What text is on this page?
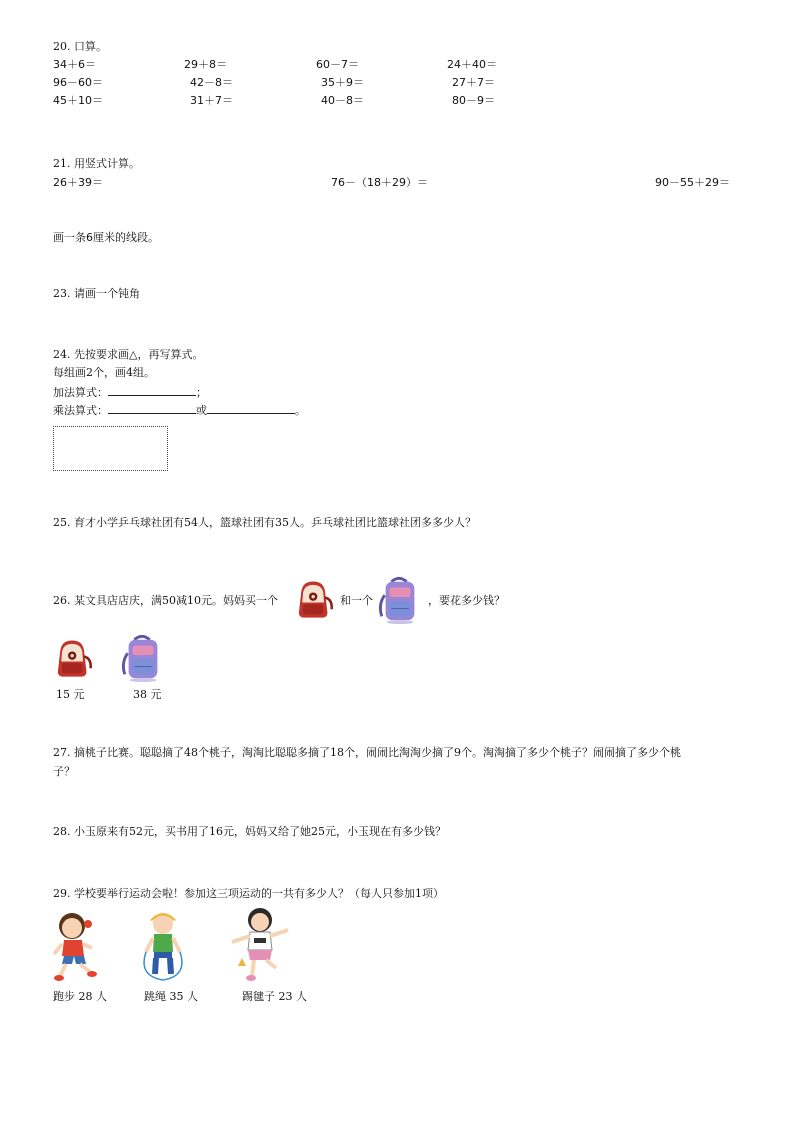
20. 口算。
34＋6＝	29＋8＝	60－7＝	24＋40＝
96－60＝	42－8＝	35＋9＝	27＋7＝
45＋10＝	31＋7＝	40－8＝	80－9＝
21. 用竖式计算。
26＋39＝	76－（18＋29）＝	90－55＋29＝
画一条6厘米的线段。
23. 请画一个钝角
24. 先按要求画△，再写算式。
每组画2个，画4组。
加法算式：	；
乘法算式：	或	。
25. 育才小学乒乓球社团有54人，篮球社团有35人。乒乓球社团比篮球社团多多少人？
26. 某文具店店庆，满50减10元。妈妈买一个	和一个	，要花多少钱？
15 元	38 元
27. 摘桃子比赛。聪聪摘了48个桃子，淘淘比聪聪多摘了18个，闹闹比淘淘少摘了9个。淘淘摘了多少个桃子？闹闹摘了多少个桃
子？
28. 小玉原来有52元，买书用了16元，妈妈又给了她25元，小玉现在有多少钱？
29. 学校要举行运动会啦！参加这三项运动的一共有多少人？（每人只参加1项）
跑步 28 人	跳绳 35 人	踢毽子 23 人
